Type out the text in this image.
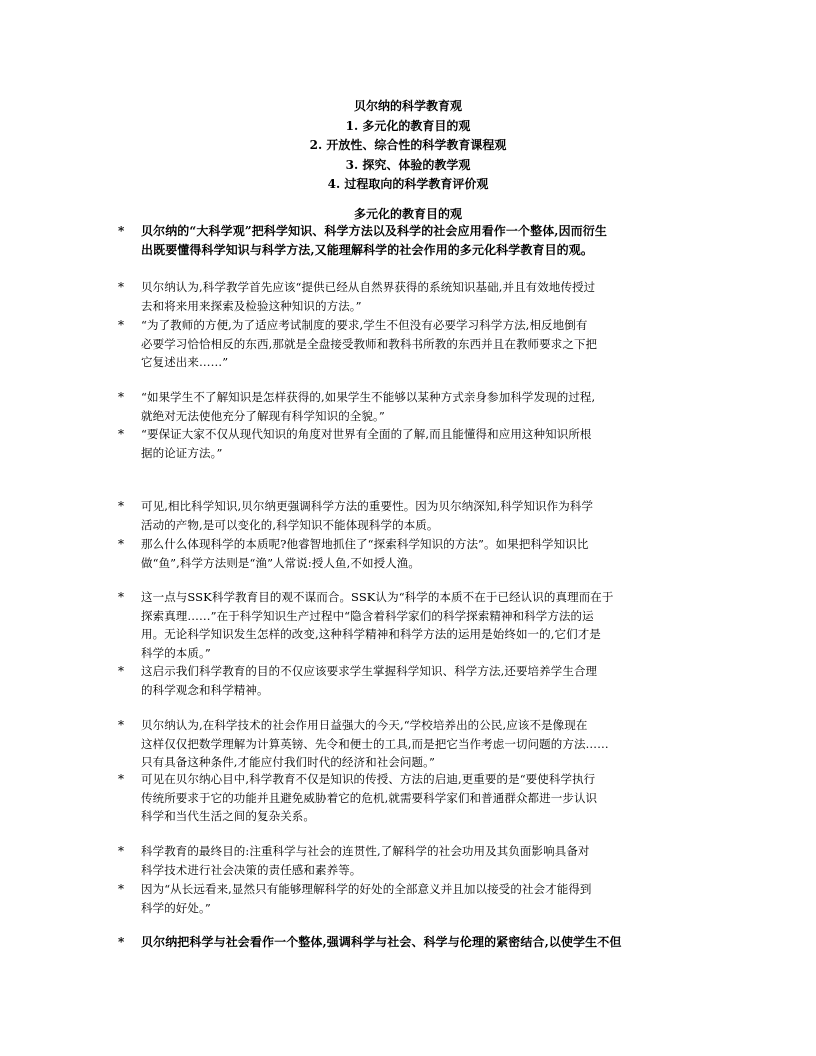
贝尔纳的科学教育观
1. 多元化的教育目的观
2. 开放性、综合性的科学教育课程观
3. 探究、体验的教学观
4. 过程取向的科学教育评价观
多元化的教育目的观
* 贝尔纳的“大科学观”把科学知识、科学方法以及科学的社会应用看作一个整体,因而衍生
出既要懂得科学知识与科学方法,又能理解科学的社会作用的多元化科学教育目的观。
* 贝尔纳认为,科学教学首先应该“提供已经从自然界获得的系统知识基础,并且有效地传授过
去和将来用来探索及检验这种知识的方法。”
* “为了教师的方便,为了适应考试制度的要求,学生不但没有必要学习科学方法,相反地倒有
必要学习恰恰相反的东西,那就是全盘接受教师和教科书所教的东西并且在教师要求之下把
它复述出来……”
* “如果学生不了解知识是怎样获得的,如果学生不能够以某种方式亲身参加科学发现的过程,
就绝对无法使他充分了解现有科学知识的全貌。”
* “要保证大家不仅从现代知识的角度对世界有全面的了解,而且能懂得和应用这种知识所根
据的论证方法。”
* 可见,相比科学知识,贝尔纳更强调科学方法的重要性。因为贝尔纳深知,科学知识作为科学
活动的产物,是可以变化的,科学知识不能体现科学的本质。
* 那么什么体现科学的本质呢?他睿智地抓住了“探索科学知识的方法”。如果把科学知识比
做“鱼”,科学方法则是“渔”人常说:授人鱼,不如授人渔。
* 这一点与SSK科学教育目的观不谋而合。SSK认为“科学的本质不在于已经认识的真理而在于
探索真理……”在于科学知识生产过程中“隐含着科学家们的科学探索精神和科学方法的运
用。无论科学知识发生怎样的改变,这种科学精神和科学方法的运用是始终如一的,它们才是
科学的本质。”
* 这启示我们科学教育的目的不仅应该要求学生掌握科学知识、科学方法,还要培养学生合理
的科学观念和科学精神。
* 贝尔纳认为,在科学技术的社会作用日益强大的今天,“学校培养出的公民,应该不是像现在
这样仅仅把数学理解为计算英镑、先令和便士的工具,而是把它当作考虑一切问题的方法……
只有具备这种条件,才能应付我们时代的经济和社会问题。”
* 可见在贝尔纳心目中,科学教育不仅是知识的传授、方法的启迪,更重要的是“要使科学执行
传统所要求于它的功能并且避免威胁着它的危机,就需要科学家们和普通群众都进一步认识
科学和当代生活之间的复杂关系。
* 科学教育的最终目的:注重科学与社会的连贯性,了解科学的社会功用及其负面影响具备对
科学技术进行社会决策的责任感和素养等。
* 因为“从长远看来,显然只有能够理解科学的好处的全部意义并且加以接受的社会才能得到
科学的好处。”
* 贝尔纳把科学与社会看作一个整体,强调科学与社会、科学与伦理的紧密结合,以使学生不但
